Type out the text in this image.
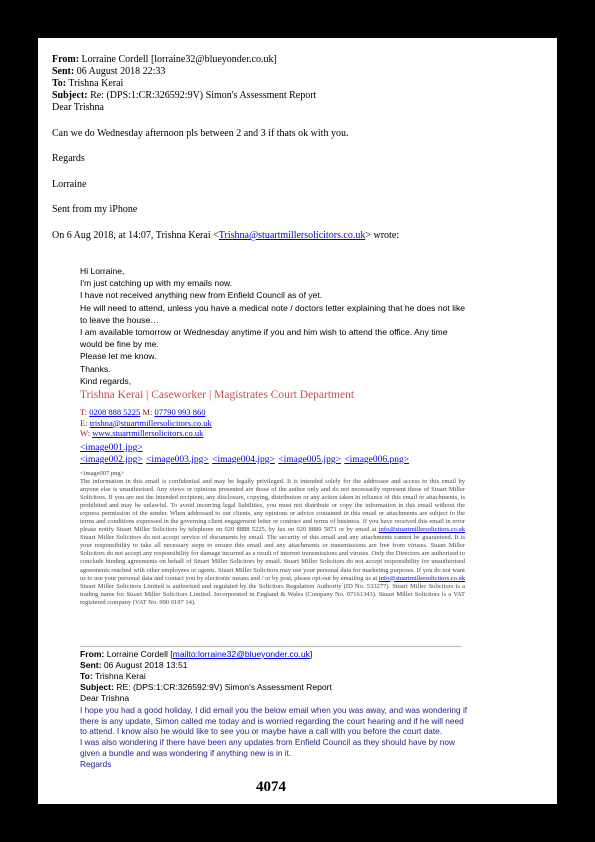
From: Lorraine Cordell [lorraine32@blueyonder.co.uk]
Sent: 06 August 2018 22:33
To: Trishna Kerai
Subject: Re: (DPS:1:CR:326592:9V) Simon's Assessment Report
Dear Trishna
Can we do Wednesday afternoon pls between 2 and 3 if thats ok with you.
Regards
Lorraine
Sent from my iPhone
On 6 Aug 2018, at 14:07, Trishna Kerai <Trishna@stuartmillersolicitors.co.uk> wrote:
Hi Lorraine,
I'm just catching up with my emails now.
I have not received anything new from Enfield Council as of yet.
He will need to attend, unless you have a medical note / doctors letter explaining that he does not like
to leave the house…
I am available tomorrow or Wednesday anytime if you and him wish to attend the office. Any time
would be fine by me.
Please let me know.
Thanks.
Kind regards,
Trishna Kerai | Caseworker | Magistrates Court Department
T: 0208 888 5225 M: 07790 993 860
E: trishna@stuartmillersolicitors.co.uk
W: www.stuartmillersolicitors.co.uk
<image001.jpg>
<image002.jpg> <image003.jpg> <image004.jpg> <image005.jpg> <image006.png>
<image007.png>
The information in this email is confidential and may be legally privileged. It is intended solely for the addressee and access to this email by anyone else is unauthorised. Any views or opinions presented are those of the author only and do not necessarily represent those of Stuart Miller Solicitors. If you are not the intended recipient; any disclosure, copying, distribution or any action taken in reliance of this email or attachments, is prohibited and may be unlawful. To avoid incurring legal liabilities, you must not distribute or copy the information in this email without the express permission of the sender. When addressed to our clients, any opinions or advice contained in this email or attachments are subject to the terms and conditions expressed in the governing client engagement letter or contract and terms of business. If you have received this email in error please notify Stuart Miller Solicitors by telephone on 020 8888 5225, by fax on 020 8889 5871 or by email at info@stuartmillersolicitors.co.uk Stuart Miller Solicitors do not accept service of documents by email. The security of this email and any attachments cannot be guaranteed. It is your responsibility to take all necessary steps to ensure this email and any attachments or transmissions are free from viruses. Stuart Miller Solicitors do not accept any responsibility for damage incurred as a result of internet transmissions and viruses. Only the Directors are authorised to conclude binding agreements on behalf of Stuart Miller Solicitors by email. Stuart Miller Solicitors do not accept responsibility for unauthorised agreements reached with other employees or agents. Stuart Miller Solicitors may use your personal data for marketing purposes. If you do not want us to use your personal data and contact you by electronic means and / or by post, please opt-out by emailing us at info@stuartmillersolicitors.co.uk Stuart Miller Solicitors Limited is authorised and regulated by the Solicitors Regulation Authority (ID No. 533277). Stuart Miller Solicitors is a trading name for Stuart Miller Solicitors Limited. Incorporated in England & Wales (Company No. 07161343). Stuart Miller Solicitors is a VAT registered company (VAT No. 990 0197 14).
From: Lorraine Cordell [mailto:lorraine32@blueyonder.co.uk]
Sent: 06 August 2018 13:51
To: Trishna Kerai
Subject: RE: (DPS:1:CR:326592:9V) Simon's Assessment Report
Dear Trishna
I hope you had a good holiday, I did email you the below email when you was away, and was wondering if
there is any update, Simon called me today and is worried regarding the court hearing and if he will need
to attend. I know also he would like to see you or maybe have a call with you before the court date.
I was also wondering if there have been any updates from Enfield Council as they should have by now
given a bundle and was wondering if anything new is in it.
Regards
4074
